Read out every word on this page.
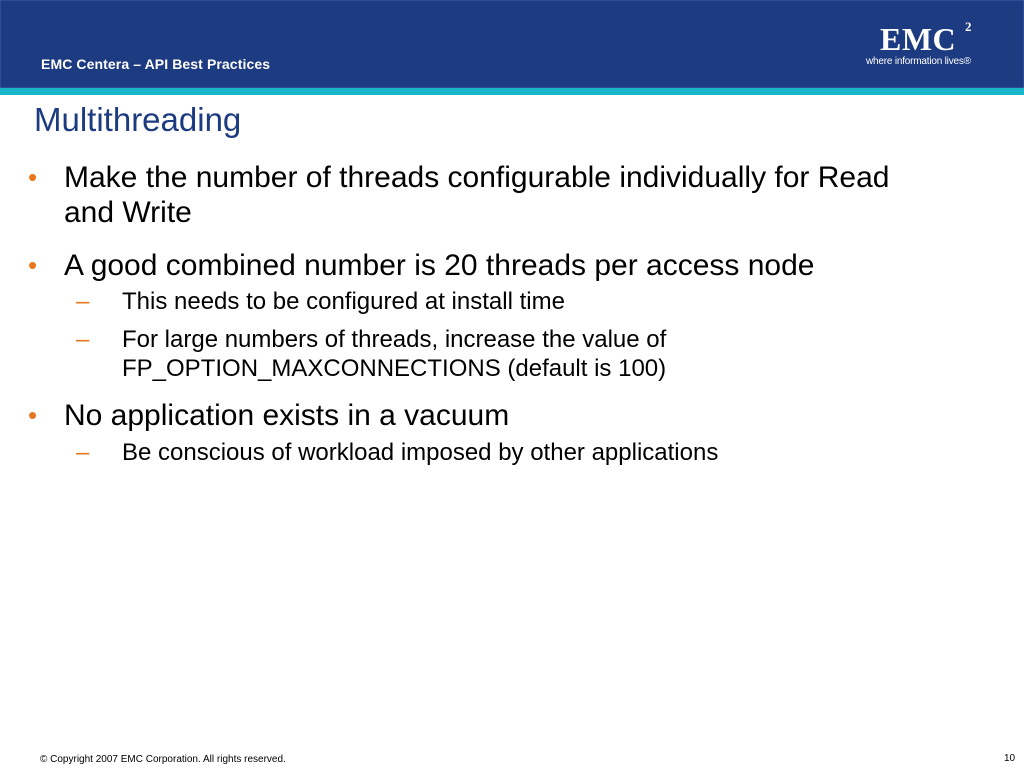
EMC Centera – API Best Practices
EMC 2
where information lives®
Multithreading
• Make the number of threads configurable individually for Read and Write
• A good combined number is 20 threads per access node
– This needs to be configured at install time
– For large numbers of threads, increase the value of FP_OPTION_MAXCONNECTIONS (default is 100)
• No application exists in a vacuum
– Be conscious of workload imposed by other applications
© Copyright 2007 EMC Corporation. All rights reserved.	10
